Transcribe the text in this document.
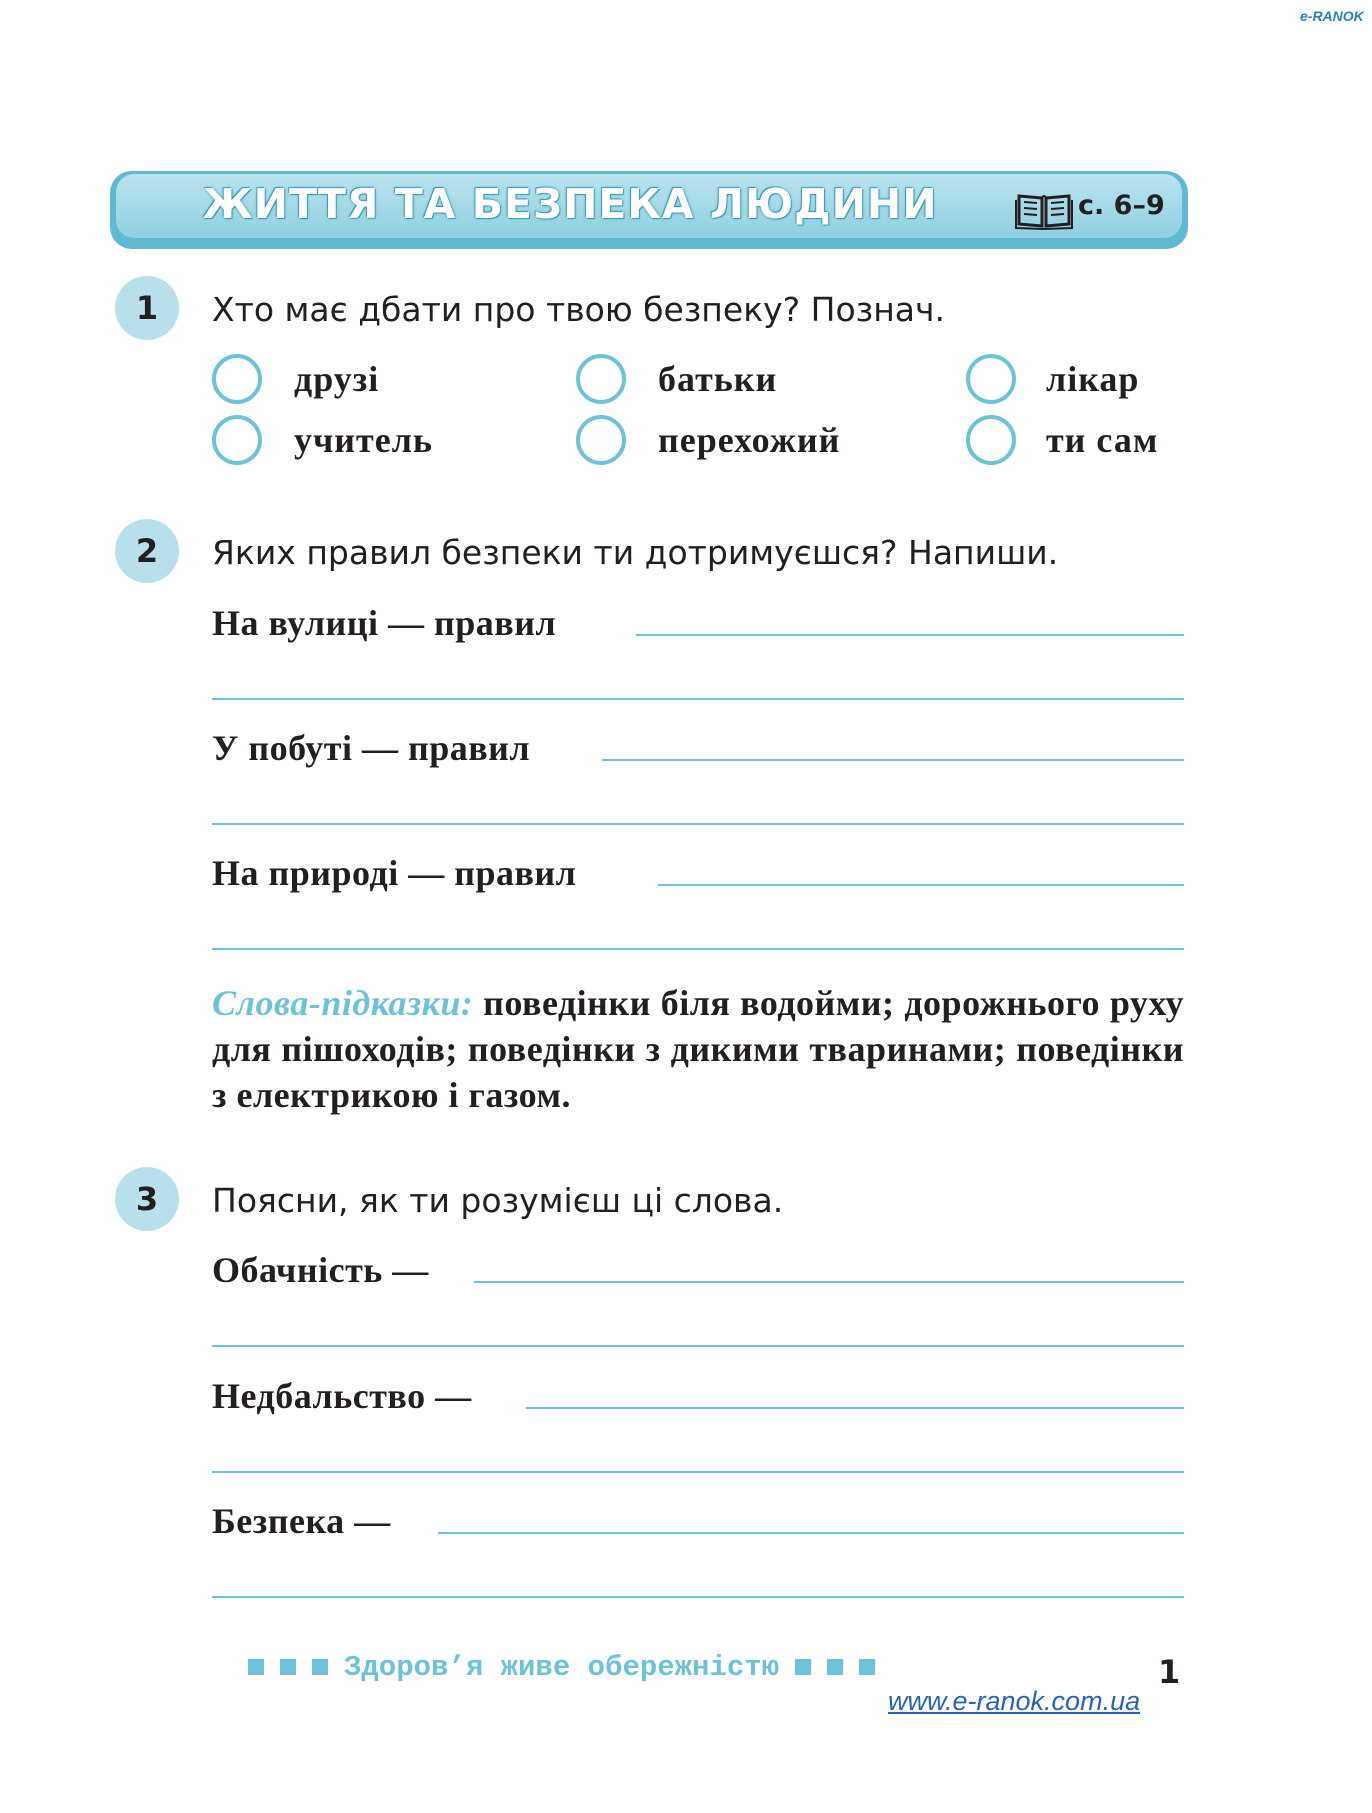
e-RANOK
ЖИТТЯ ТА БЕЗПЕКА ЛЮДИНИ	с. 6–9
1	Хто має дбати про твою безпеку? Познач.
друзі	батьки	лікар
учитель	перехожий	ти сам
2	Яких правил безпеки ти дотримуєшся? Напиши.
На вулиці — правил
У побуті — правил
На природі — правил
Слова-підказки: поведінки біля водойми; дорожнього руху для пішоходів; поведінки з дикими тваринами; поведінки з електрикою і газом.
3	Поясни, як ти розумієш ці слова.
Обачність —
Недбальство —
Безпека —
Здоров’я живе обережністю	1
www.e-ranok.com.ua
